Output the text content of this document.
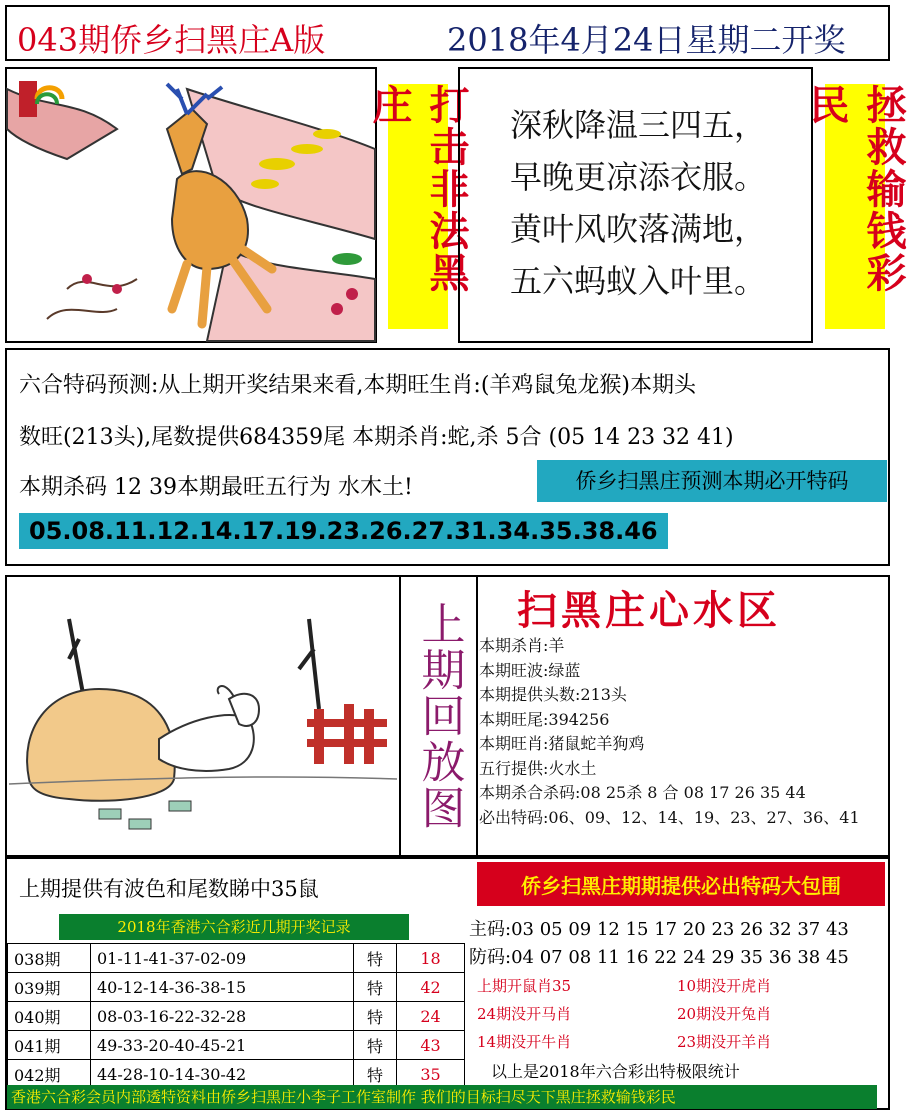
043期侨乡扫黑庄A版	2018年4月24日星期二开奖
打击非法黑庄	深秋降温三四五，
早晚更凉添衣服。
黄叶风吹落满地，
五六蚂蚁入叶里。	拯救输钱彩民
六合特码预测:从上期开奖结果来看,本期旺生肖:(羊鸡鼠兔龙猴)本期头
数旺(213头),尾数提供684359尾 本期杀肖:蛇,杀 5合 (05 14 23 32 41)
本期杀码 12 39本期最旺五行为 水木土!	侨乡扫黑庄预测本期必开特码
05.08.11.12.14.17.19.23.26.27.31.34.35.38.46
上期回放图 扫黑庄心水区
本期杀肖:羊
本期旺波:绿蓝
本期提供头数:213头
本期旺尾:394256
本期旺肖:猪鼠蛇羊狗鸡
五行提供:火水土
本期杀合杀码:08 25杀 8 合 08 17 26 35 44
必出特码:06、09、12、14、19、23、27、36、41
上期提供有波色和尾数睇中35鼠	侨乡扫黑庄期期提供必出特码大包围
2018年香港六合彩近几期开奖记录
038期	01-11-41-37-02-09	特	18
039期	40-12-14-36-38-15	特	42
040期	08-03-16-22-32-28	特	24
041期	49-33-20-40-45-21	特	43
042期	44-28-10-14-30-42	特	35
主码:03 05 09 12 15 17 20 23 26 32 37 43
防码:04 07 08 11 16 22 24 29 35 36 38 45
上期开鼠肖35	10期没开虎肖
24期没开马肖	20期没开兔肖
14期没开牛肖	23期没开羊肖
以上是2018年六合彩出特极限统计
香港六合彩会员内部透特资料由侨乡扫黑庄小李子工作室制作 我们的目标扫尽天下黑庄拯救输钱彩民
